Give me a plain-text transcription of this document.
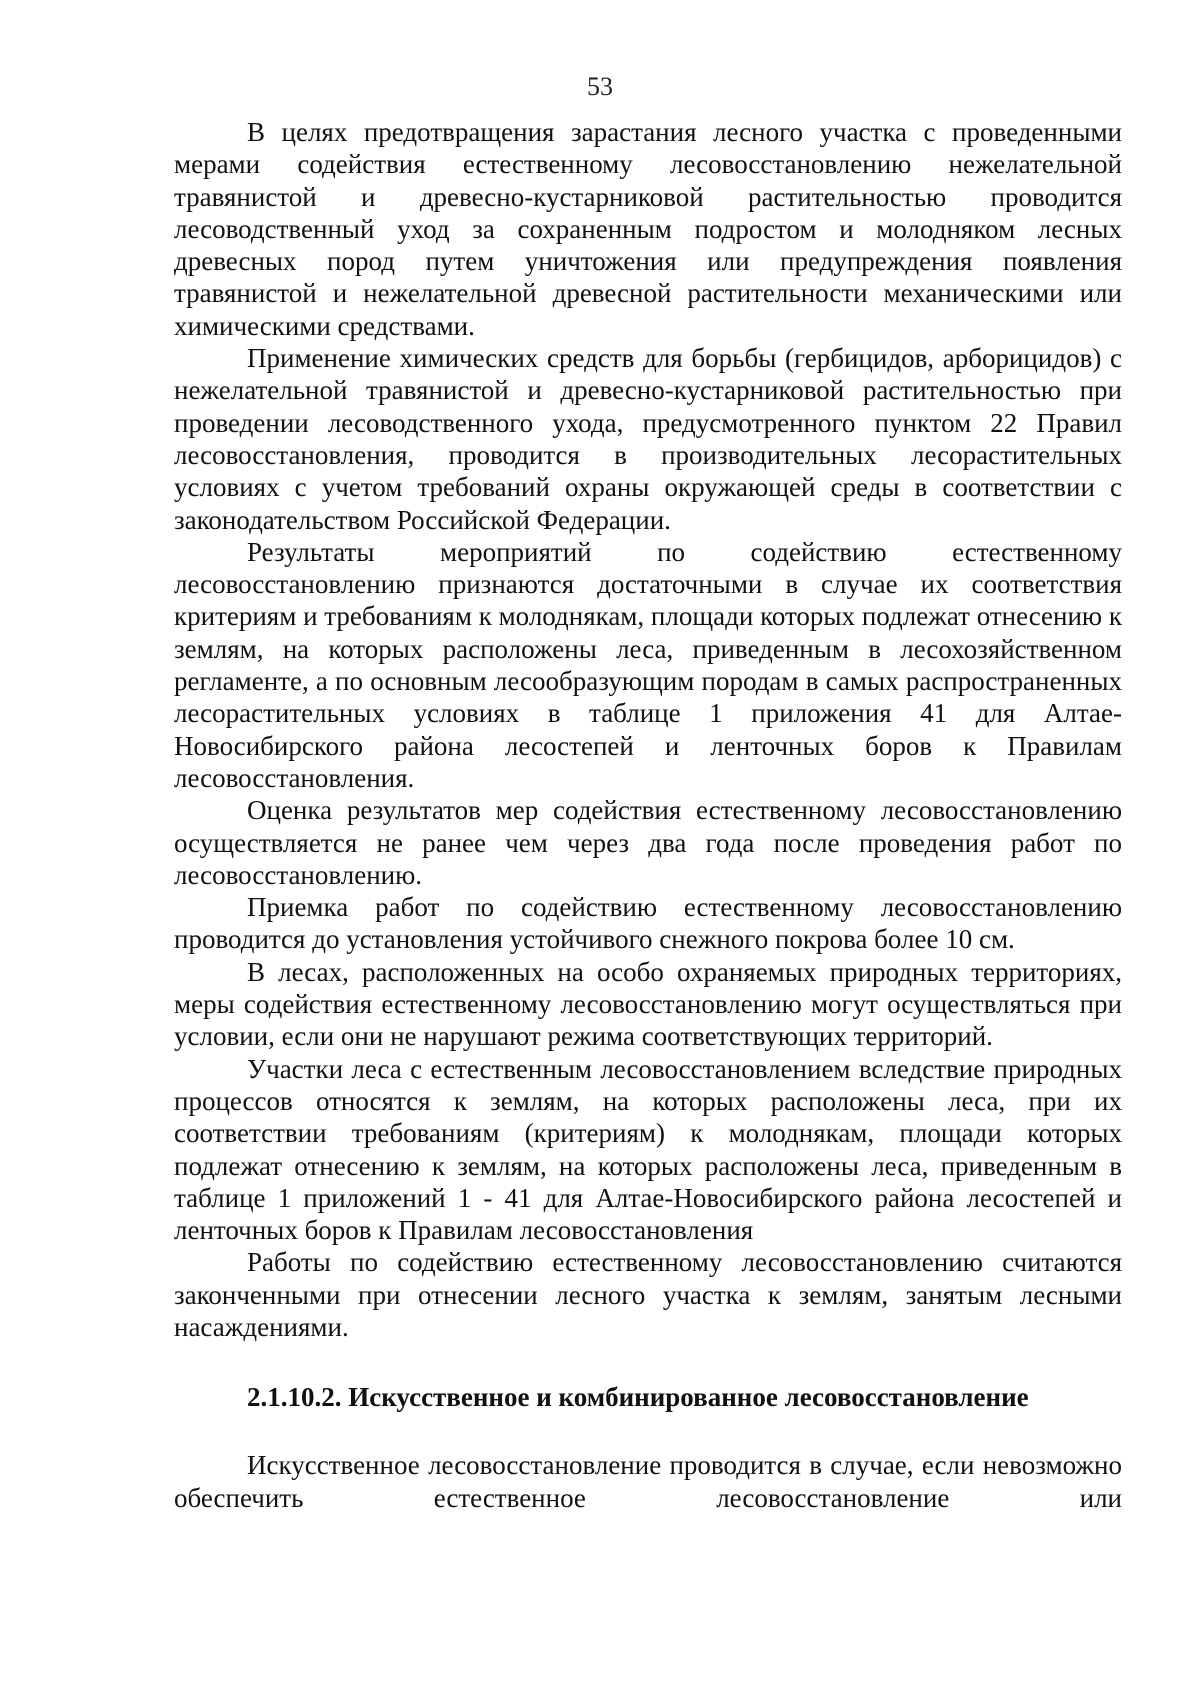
53

В целях предотвращения зарастания лесного участка с проведенными мерами содействия естественному лесовосстановлению нежелательной травянистой и древесно-кустарниковой растительностью проводится лесоводственный уход за сохраненным подростом и молодняком лесных древесных пород путем уничтожения или предупреждения появления травянистой и нежелательной древесной растительности механическими или химическими средствами.

Применение химических средств для борьбы (гербицидов, арборицидов) с нежелательной травянистой и древесно-кустарниковой растительностью при проведении лесоводственного ухода, предусмотренного пунктом 22 Правил лесовосстановления, проводится в производительных лесорастительных условиях с учетом требований охраны окружающей среды в соответствии с законодательством Российской Федерации.

Результаты мероприятий по содействию естественному лесовосстановлению признаются достаточными в случае их соответствия критериям и требованиям к молоднякам, площади которых подлежат отнесению к землям, на которых расположены леса, приведенным в лесохозяйственном регламенте, а по основным лесообразующим породам в самых распространенных лесорастительных условиях в таблице 1 приложения 41 для Алтае-Новосибирского района лесостепей и ленточных боров к Правилам лесовосстановления.

Оценка результатов мер содействия естественному лесовосстановлению осуществляется не ранее чем через два года после проведения работ по лесовосстановлению.

Приемка работ по содействию естественному лесовосстановлению проводится до установления устойчивого снежного покрова более 10 см.

В лесах, расположенных на особо охраняемых природных территориях, меры содействия естественному лесовосстановлению могут осуществляться при условии, если они не нарушают режима соответствующих территорий.

Участки леса с естественным лесовосстановлением вследствие природных процессов относятся к землям, на которых расположены леса, при их соответствии требованиям (критериям) к молоднякам, площади которых подлежат отнесению к землям, на которых расположены леса, приведенным в таблице 1 приложений 1 - 41 для Алтае-Новосибирского района лесостепей и ленточных боров к Правилам лесовосстановления

Работы по содействию естественному лесовосстановлению считаются законченными при отнесении лесного участка к землям, занятым лесными насаждениями.

2.1.10.2. Искусственное и комбинированное лесовосстановление

Искусственное лесовосстановление проводится в случае, если невозможно обеспечить естественное лесовосстановление или
